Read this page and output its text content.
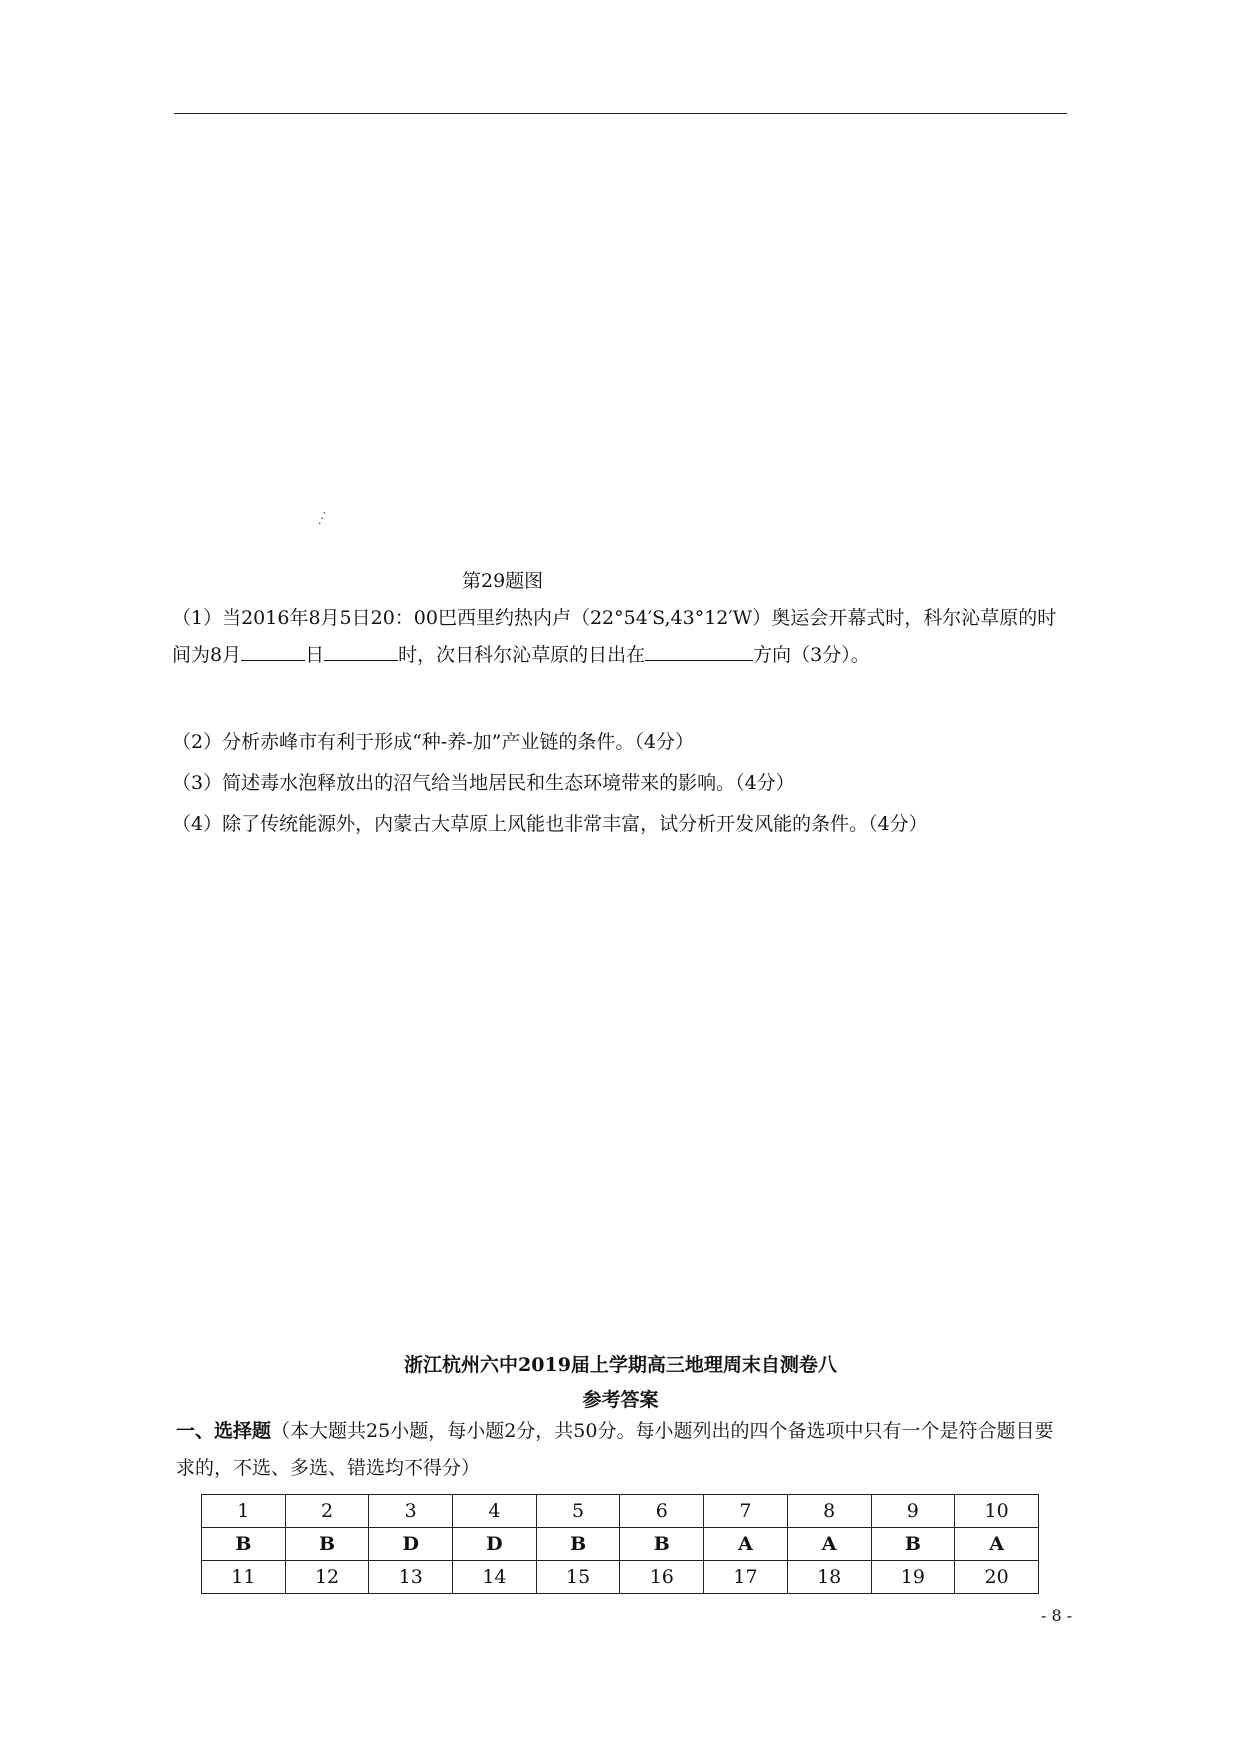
⋰
第29题图

（1）当2016年8月5日20：00巴西里约热内卢（22°54′S,43°12′W）奥运会开幕式时，科尔沁草原的时间为8月	日	时，次日科尔沁草原的日出在	方向（3分）。

（2）分析赤峰市有利于形成“种-养-加”产业链的条件。（4分）

（3）简述毒水泡释放出的沼气给当地居民和生态环境带来的影响。（4分）

（4）除了传统能源外，内蒙古大草原上风能也非常丰富，试分析开发风能的条件。（4分）

浙江杭州六中2019届上学期高三地理周末自测卷八
参考答案

一、选择题（本大题共25小题，每小题2分，共50分。每小题列出的四个备选项中只有一个是符合题目要求的，不选、多选、错选均不得分）

1	2	3	4	5	6	7	8	9	10
B	B	D	D	B	B	A	A	B	A
11	12	13	14	15	16	17	18	19	20
- 8 -
